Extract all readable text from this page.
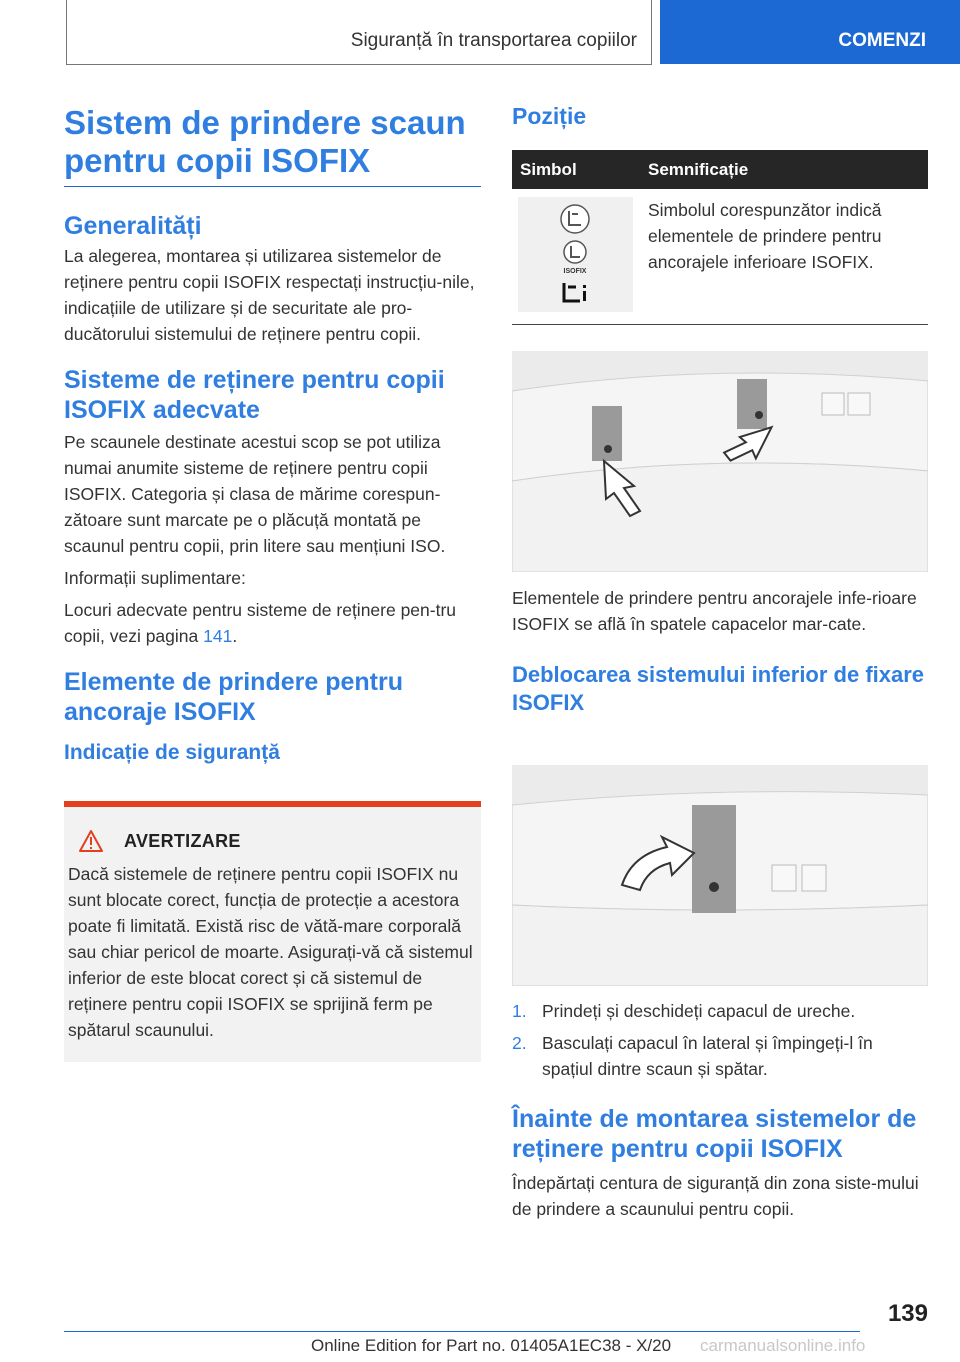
Siguranță în transportarea copiilor	COMENZI
Sistem de prindere scaun pentru copii ISOFIX
Generalități

La alegerea, montarea și utilizarea sistemelor de reținere pentru copii ISOFIX respectați instrucțiu-nile, indicațiile de utilizare și de securitate ale pro-ducătorului sistemului de reținere pentru copii.

Sisteme de reținere pentru copii ISOFIX adecvate

Pe scaunele destinate acestui scop se pot utiliza numai anumite sisteme de reținere pentru copii ISOFIX. Categoria și clasa de mărime corespun-zătoare sunt marcate pe o plăcuță montată pe scaunul pentru copii, prin litere sau mențiuni ISO.

Informații suplimentare:

Locuri adecvate pentru sisteme de reținere pen-tru copii, vezi pagina 141.

Elemente de prindere pentru ancoraje ISOFIX
Indicație de siguranță
AVERTIZARE

Dacă sistemele de reținere pentru copii ISOFIX nu sunt blocate corect, funcția de protecție a acestora poate fi limitată. Există risc de vătă-mare corporală sau chiar pericol de moarte. Asigurați-vă că sistemul inferior de este blocat corect și că sistemul de reținere pentru copii ISOFIX se sprijină ferm pe spătarul scaunului.

Poziție
Simbol	Semnificație

ISOFIX	Simbolul corespunzător indică elementele de prindere pentru ancorajele inferioare ISOFIX.

Elementele de prindere pentru ancorajele infe-rioare ISOFIX se află în spatele capacelor mar-cate.

Deblocarea sistemului inferior de fixare ISOFIX

1. Prindeți și deschideți capacul de ureche.

2. Basculați capacul în lateral și împingeți-l în spațiul dintre scaun și spătar.

Înainte de montarea sistemelor de reținere pentru copii ISOFIX

Îndepărtați centura de siguranță din zona siste-mului de prindere a scaunului pentru copii.

139
Online Edition for Part no. 01405A1EC38 - X/20 carmanualsonline.info
